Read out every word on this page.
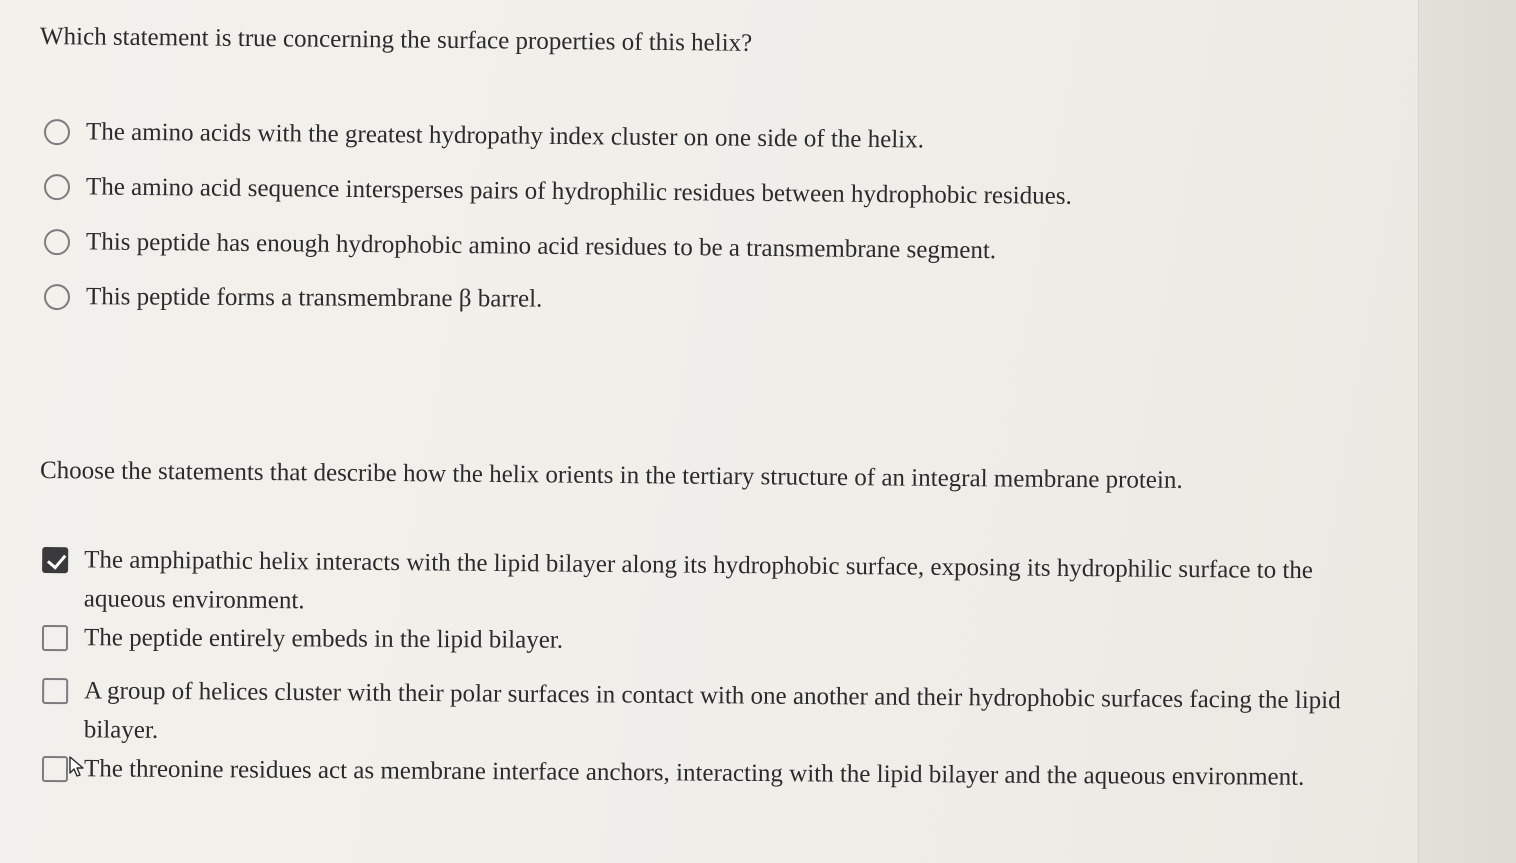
Which statement is true concerning the surface properties of this helix?
The amino acids with the greatest hydropathy index cluster on one side of the helix.
The amino acid sequence intersperses pairs of hydrophilic residues between hydrophobic residues.
This peptide has enough hydrophobic amino acid residues to be a transmembrane segment.
This peptide forms a transmembrane β barrel.
Choose the statements that describe how the helix orients in the tertiary structure of an integral membrane protein.
The amphipathic helix interacts with the lipid bilayer along its hydrophobic surface, exposing its hydrophilic surface to the aqueous environment.
The peptide entirely embeds in the lipid bilayer.
A group of helices cluster with their polar surfaces in contact with one another and their hydrophobic surfaces facing the lipid bilayer.
The threonine residues act as membrane interface anchors, interacting with the lipid bilayer and the aqueous environment.
